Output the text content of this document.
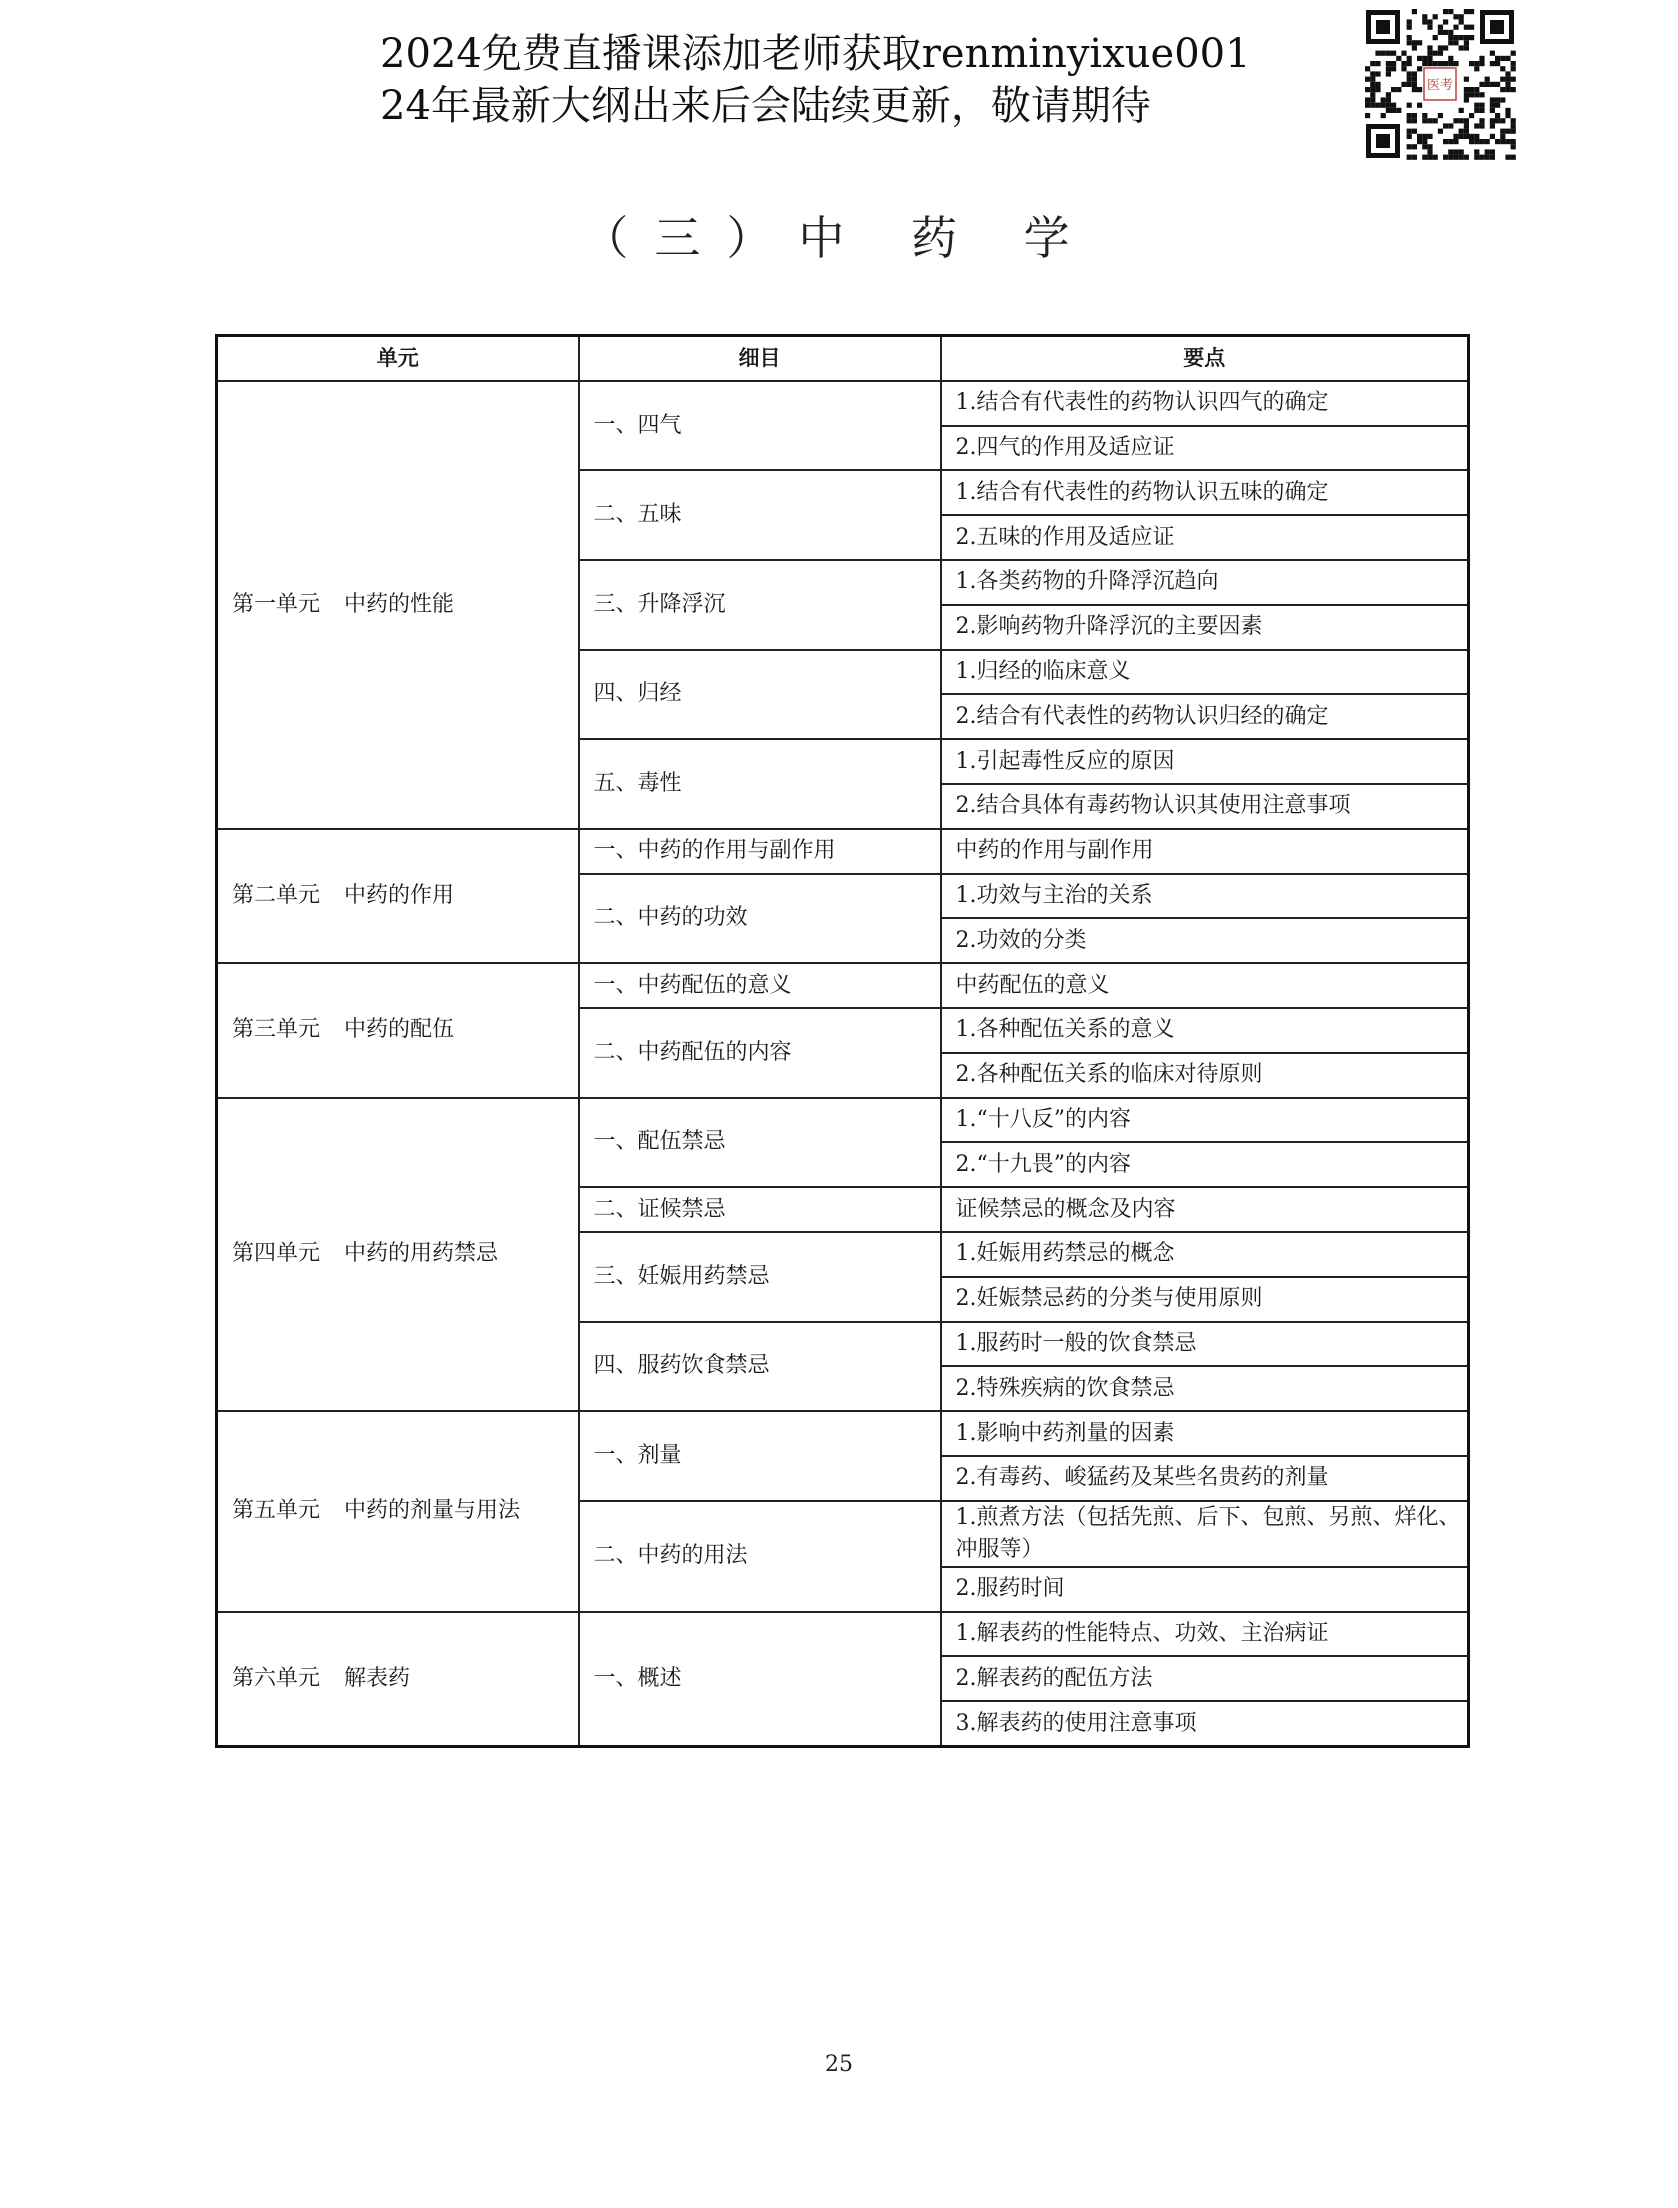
2024免费直播课添加老师获取renminyixue001
24年最新大纲出来后会陆续更新，敬请期待	医考
（三）中 药 学
单元	细目	要点
第一单元 中药的性能	一、四气	1.结合有代表性的药物认识四气的确定
		2.四气的作用及适应证
	二、五味	1.结合有代表性的药物认识五味的确定
		2.五味的作用及适应证
	三、升降浮沉	1.各类药物的升降浮沉趋向
		2.影响药物升降浮沉的主要因素
	四、归经	1.归经的临床意义
		2.结合有代表性的药物认识归经的确定
	五、毒性	1.引起毒性反应的原因
		2.结合具体有毒药物认识其使用注意事项
第二单元 中药的作用	一、中药的作用与副作用	中药的作用与副作用
	二、中药的功效	1.功效与主治的关系
		2.功效的分类
第三单元 中药的配伍	一、中药配伍的意义	中药配伍的意义
	二、中药配伍的内容	1.各种配伍关系的意义
		2.各种配伍关系的临床对待原则
第四单元 中药的用药禁忌	一、配伍禁忌	1.“十八反”的内容
		2.“十九畏”的内容
	二、证候禁忌	证候禁忌的概念及内容
	三、妊娠用药禁忌	1.妊娠用药禁忌的概念
		2.妊娠禁忌药的分类与使用原则
	四、服药饮食禁忌	1.服药时一般的饮食禁忌
		2.特殊疾病的饮食禁忌
第五单元 中药的剂量与用法	一、剂量	1.影响中药剂量的因素
		2.有毒药、峻猛药及某些名贵药的剂量
	二、中药的用法	1.煎煮方法（包括先煎、后下、包煎、另煎、烊化、冲服等）
		2.服药时间
第六单元 解表药	一、概述	1.解表药的性能特点、功效、主治病证
		2.解表药的配伍方法
		3.解表药的使用注意事项
25
